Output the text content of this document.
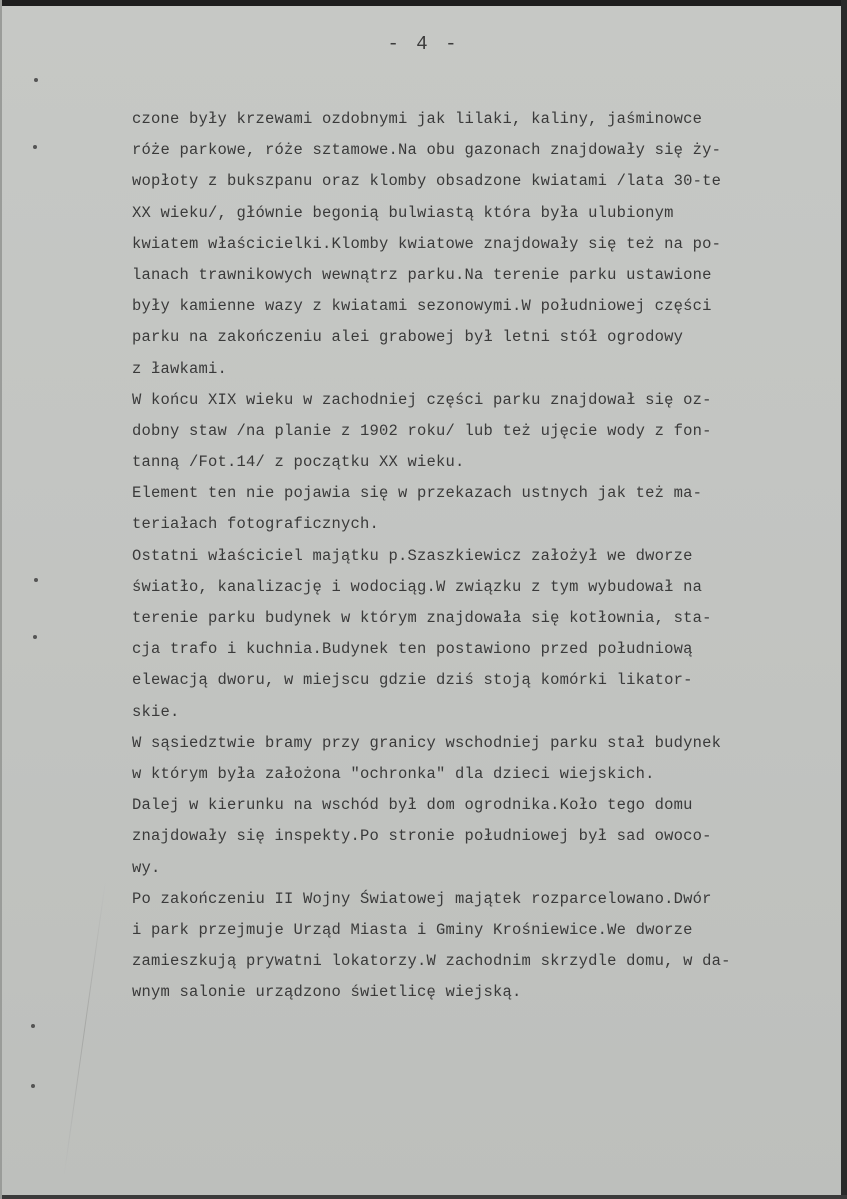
- 4 -
czone były krzewami ozdobnymi jak lilaki, kaliny, jaśminowce
róże parkowe, róże sztamowe.Na obu gazonach znajdowały się ży-
wopłoty z bukszpanu oraz klomby obsadzone kwiatami /lata 30-te
XX wieku/, głównie begonią bulwiastą która była ulubionym
kwiatem właścicielki.Klomby kwiatowe znajdowały się też na po-
lanach trawnikowych wewnątrz parku.Na terenie parku ustawione
były kamienne wazy z kwiatami sezonowymi.W południowej części
parku na zakończeniu alei grabowej był letni stół ogrodowy
z ławkami.
W końcu XIX wieku w zachodniej części parku znajdował się oz-
dobny staw /na planie z 1902 roku/ lub też ujęcie wody z fon-
tanną /Fot.14/ z początku XX wieku.
Element ten nie pojawia się w przekazach ustnych jak też ma-
teriałach fotograficznych.
Ostatni właściciel majątku p.Szaszkiewicz założył we dworze
światło, kanalizację i wodociąg.W związku z tym wybudował na
terenie parku budynek w którym znajdowała się kotłownia, sta-
cja trafo i kuchnia.Budynek ten postawiono przed południową
elewacją dworu, w miejscu gdzie dziś stoją komórki likator-
skie.
W sąsiedztwie bramy przy granicy wschodniej parku stał budynek
w którym była założona "ochronka" dla dzieci wiejskich.
Dalej w kierunku na wschód był dom ogrodnika.Koło tego domu
znajdowały się inspekty.Po stronie południowej był sad owoco-
wy.
Po zakończeniu II Wojny Światowej majątek rozparcelowano.Dwór
i park przejmuje Urząd Miasta i Gminy Krośniewice.We dworze
zamieszkują prywatni lokatorzy.W zachodnim skrzydle domu, w da-
wnym salonie urządzono świetlicę wiejską.
